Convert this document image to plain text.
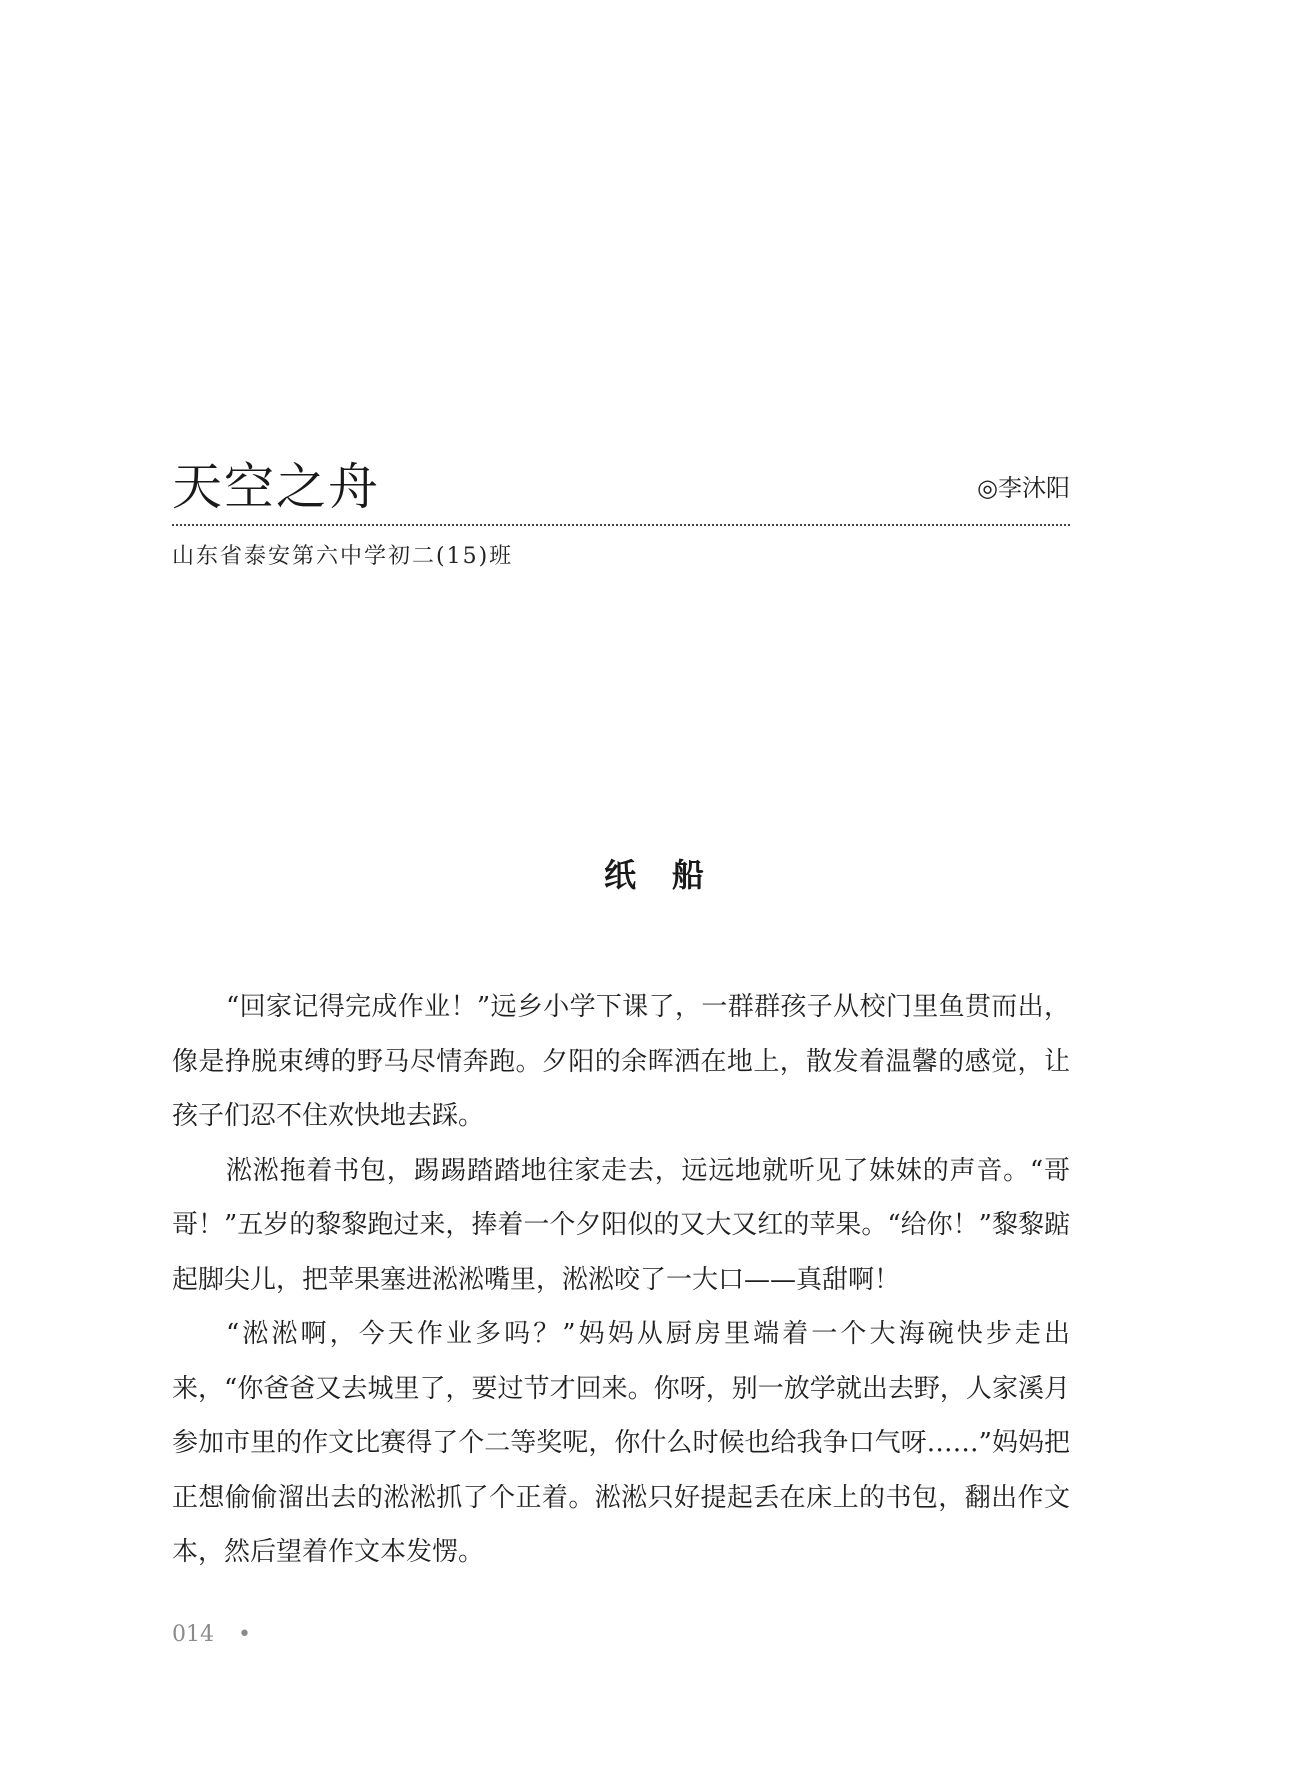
天空之舟	◎李沐阳
山东省泰安第六中学初二(15)班
纸船

“回家记得完成作业！”远乡小学下课了，一群群孩子从校门里鱼贯而出，像是挣脱束缚的野马尽情奔跑。夕阳的余晖洒在地上，散发着温馨的感觉，让孩子们忍不住欢快地去踩。

淞淞拖着书包，踢踢踏踏地往家走去，远远地就听见了妹妹的声音。“哥哥！”五岁的黎黎跑过来，捧着一个夕阳似的又大又红的苹果。“给你！”黎黎踮起脚尖儿，把苹果塞进淞淞嘴里，淞淞咬了一大口——真甜啊！

“淞淞啊，今天作业多吗？”妈妈从厨房里端着一个大海碗快步走出来，“你爸爸又去城里了，要过节才回来。你呀，别一放学就出去野，人家溪月参加市里的作文比赛得了个二等奖呢，你什么时候也给我争口气呀……”妈妈把正想偷偷溜出去的淞淞抓了个正着。淞淞只好提起丢在床上的书包，翻出作文本，然后望着作文本发愣。

014 •
